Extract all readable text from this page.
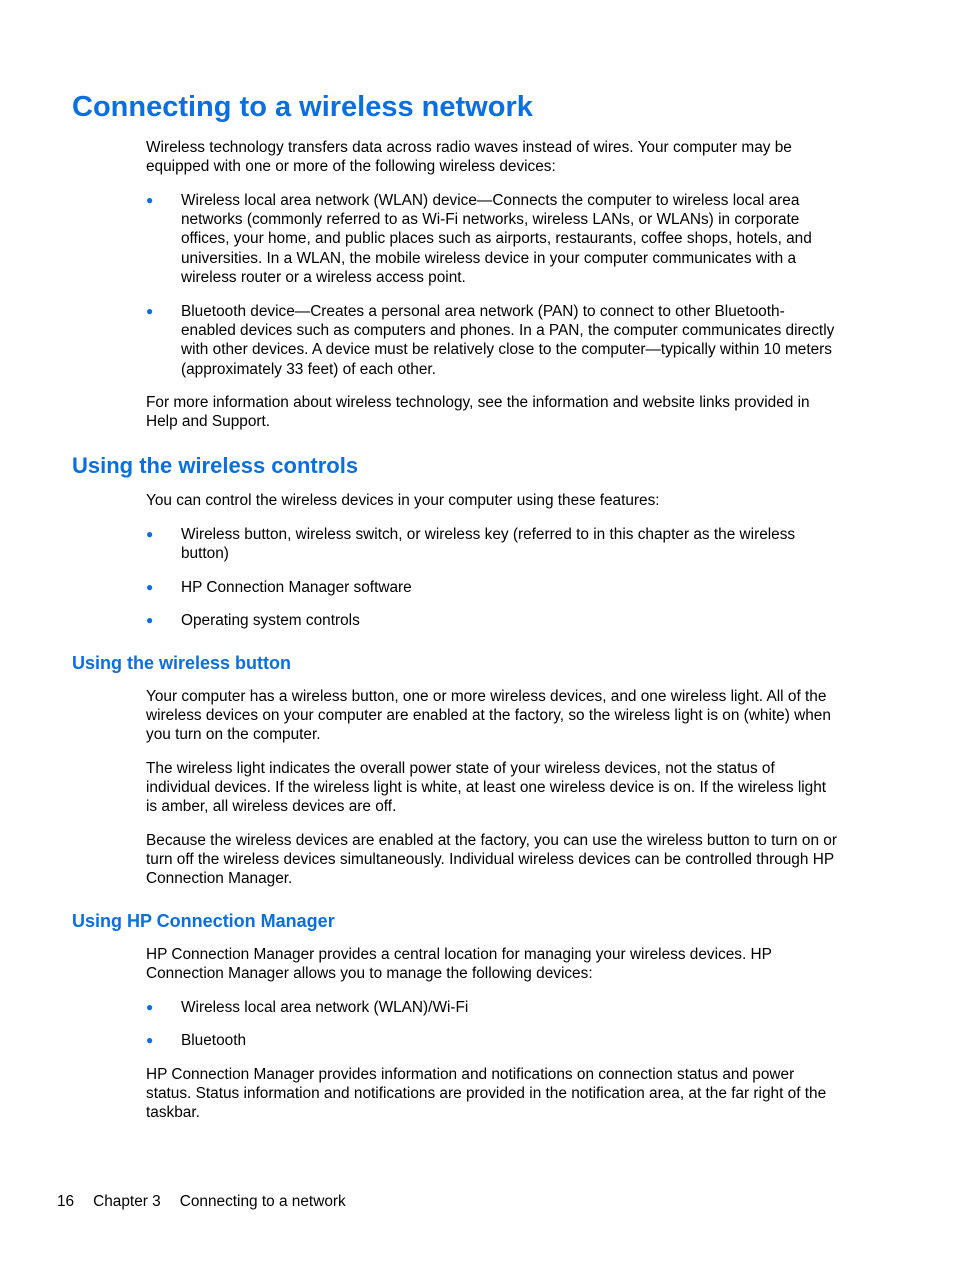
Connecting to a wireless network

Wireless technology transfers data across radio waves instead of wires. Your computer may be
equipped with one or more of the following wireless devices:

● Wireless local area network (WLAN) device—Connects the computer to wireless local area
networks (commonly referred to as Wi-Fi networks, wireless LANs, or WLANs) in corporate
offices, your home, and public places such as airports, restaurants, coffee shops, hotels, and
universities. In a WLAN, the mobile wireless device in your computer communicates with a
wireless router or a wireless access point.
● Bluetooth device—Creates a personal area network (PAN) to connect to other Bluetooth-
enabled devices such as computers and phones. In a PAN, the computer communicates directly
with other devices. A device must be relatively close to the computer—typically within 10 meters
(approximately 33 feet) of each other.

For more information about wireless technology, see the information and website links provided in
Help and Support.

Using the wireless controls

You can control the wireless devices in your computer using these features:

● Wireless button, wireless switch, or wireless key (referred to in this chapter as the wireless
button)
● HP Connection Manager software
● Operating system controls
Using the wireless button

Your computer has a wireless button, one or more wireless devices, and one wireless light. All of the
wireless devices on your computer are enabled at the factory, so the wireless light is on (white) when
you turn on the computer.

The wireless light indicates the overall power state of your wireless devices, not the status of
individual devices. If the wireless light is white, at least one wireless device is on. If the wireless light
is amber, all wireless devices are off.

Because the wireless devices are enabled at the factory, you can use the wireless button to turn on or
turn off the wireless devices simultaneously. Individual wireless devices can be controlled through HP
Connection Manager.

Using HP Connection Manager

HP Connection Manager provides a central location for managing your wireless devices. HP
Connection Manager allows you to manage the following devices:

● Wireless local area network (WLAN)/Wi-Fi
● Bluetooth

HP Connection Manager provides information and notifications on connection status and power
status. Status information and notifications are provided in the notification area, at the far right of the
taskbar.

16 Chapter 3 Connecting to a network
